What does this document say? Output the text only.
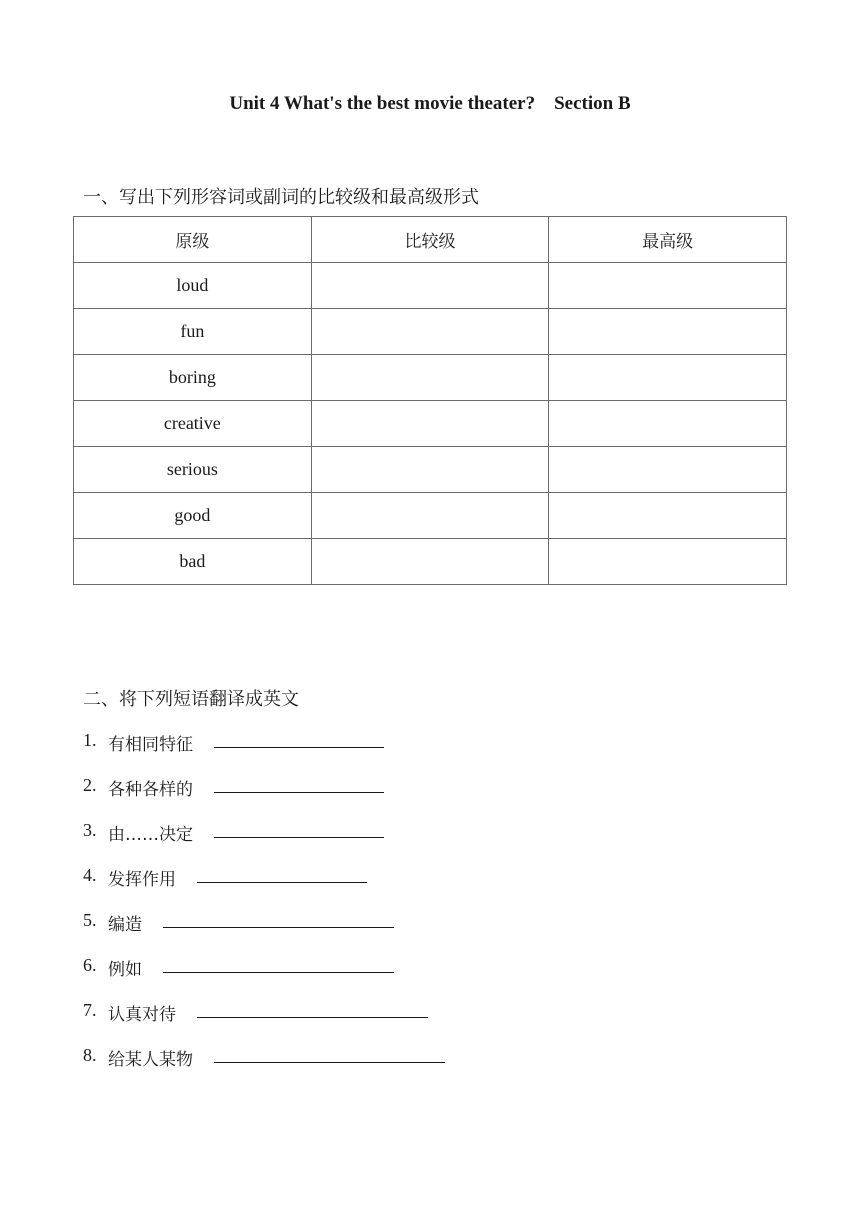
Unit 4 What's the best movie theater?    Section B
一、写出下列形容词或副词的比较级和最高级形式
原级	比较级	最高级
loud		
fun		
boring		
creative		
serious		
good		
bad		
二、将下列短语翻译成英文
1. 有相同特征
2. 各种各样的
3. 由……决定
4. 发挥作用
5. 编造
6. 例如
7. 认真对待
8. 给某人某物
